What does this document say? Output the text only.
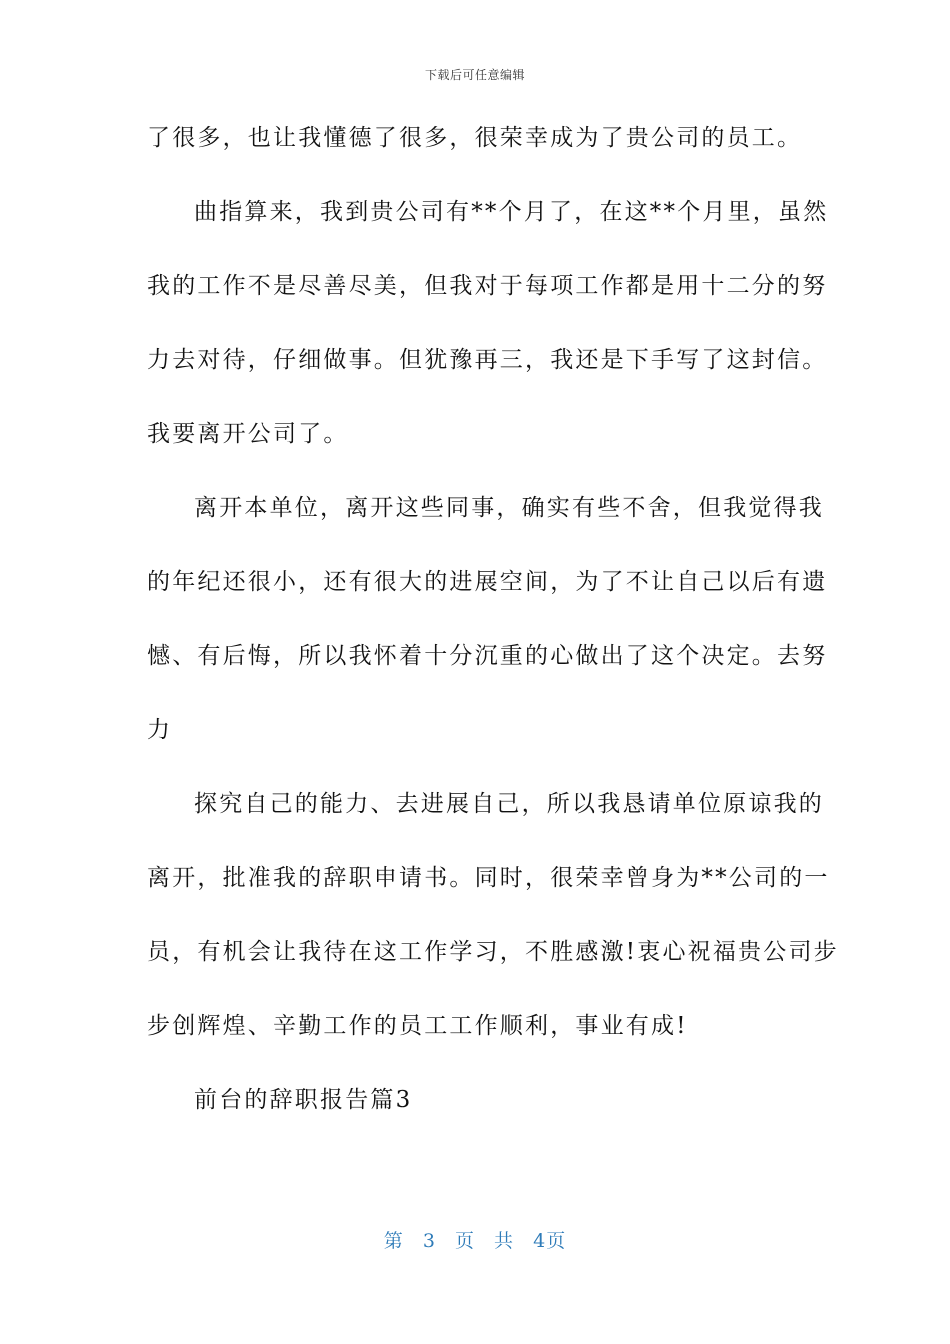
下载后可任意编辑
了很多，也让我懂德了很多，很荣幸成为了贵公司的员工。
曲指算来，我到贵公司有**个月了，在这**个月里，虽然
我的工作不是尽善尽美，但我对于每项工作都是用十二分的努
力去对待，仔细做事。但犹豫再三，我还是下手写了这封信。
我要离开公司了。
离开本单位，离开这些同事，确实有些不舍，但我觉得我
的年纪还很小，还有很大的进展空间，为了不让自己以后有遗
憾、有后悔，所以我怀着十分沉重的心做出了这个决定。去努
力
探究自己的能力、去进展自己，所以我恳请单位原谅我的
离开，批准我的辞职申请书。同时，很荣幸曾身为**公司的一
员，有机会让我待在这工作学习，不胜感激!衷心祝福贵公司步
步创辉煌、辛勤工作的员工工作顺利，事业有成!
前台的辞职报告篇3
第 3 页 共 4页
